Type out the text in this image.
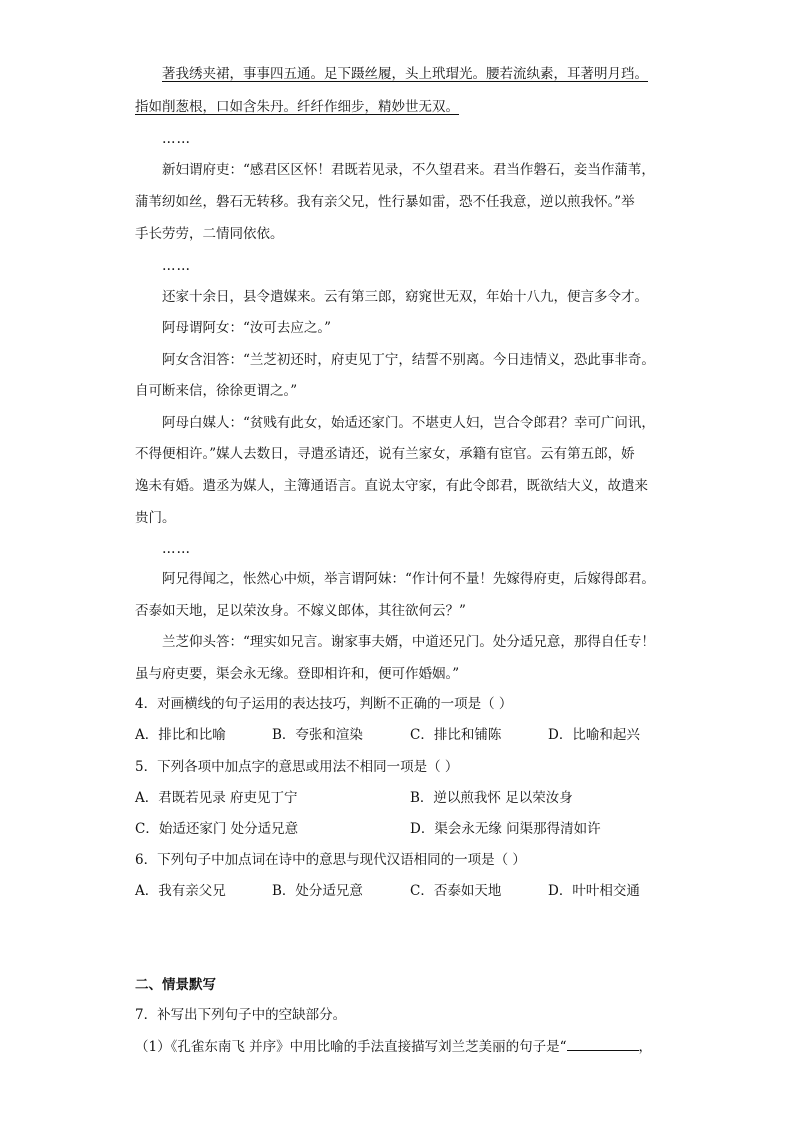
著我绣夹裙，事事四五通。足下蹑丝履，头上玳瑁光。腰若流纨素，耳著明月珰。
指如削葱根，口如含朱丹。纤纤作细步，精妙世无双。
……
新妇谓府吏：“感君区区怀！君既若见录，不久望君来。君当作磐石，妾当作蒲苇，
蒲苇纫如丝，磐石无转移。我有亲父兄，性行暴如雷，恐不任我意，逆以煎我怀。”举
手长劳劳，二情同依依。
……
还家十余日，县令遣媒来。云有第三郎，窈窕世无双，年始十八九，便言多令才。
阿母谓阿女：“汝可去应之。”
阿女含泪答：“兰芝初还时，府吏见丁宁，结誓不别离。今日违情义，恐此事非奇。
自可断来信，徐徐更谓之。”
阿母白媒人：“贫贱有此女，始适还家门。不堪吏人妇，岂合令郎君？幸可广问讯，
不得便相许。”媒人去数日，寻遣丞请还，说有兰家女，承籍有宦官。云有第五郎，娇
逸未有婚。遣丞为媒人，主簿通语言。直说太守家，有此令郎君，既欲结大义，故遣来
贵门。
……
阿兄得闻之，怅然心中烦，举言谓阿妹：“作计何不量！先嫁得府吏，后嫁得郎君。
否泰如天地，足以荣汝身。不嫁义郎体，其往欲何云？”
兰芝仰头答：“理实如兄言。谢家事夫婿，中道还兄门。处分适兄意，那得自任专！
虽与府吏要，渠会永无缘。登即相许和，便可作婚姻。”
4．对画横线的句子运用的表达技巧，判断不正确的一项是（ ）
A．排比和比喻	B．夸张和渲染	C．排比和铺陈	D．比喻和起兴
5．下列各项中加点字的意思或用法不相同一项是（ ）
A．君既若见录 府吏见丁宁	B．逆以煎我怀 足以荣汝身
C．始适还家门 处分适兄意	D．渠会永无缘 问渠那得清如许
6．下列句子中加点词在诗中的意思与现代汉语相同的一项是（ ）
A．我有亲父兄	B．处分适兄意	C．否泰如天地	D．叶叶相交通
二、情景默写
7．补写出下列句子中的空缺部分。
（1）《孔雀东南飞 并序》中用比喻的手法直接描写刘兰芝美丽的句子是“	，
